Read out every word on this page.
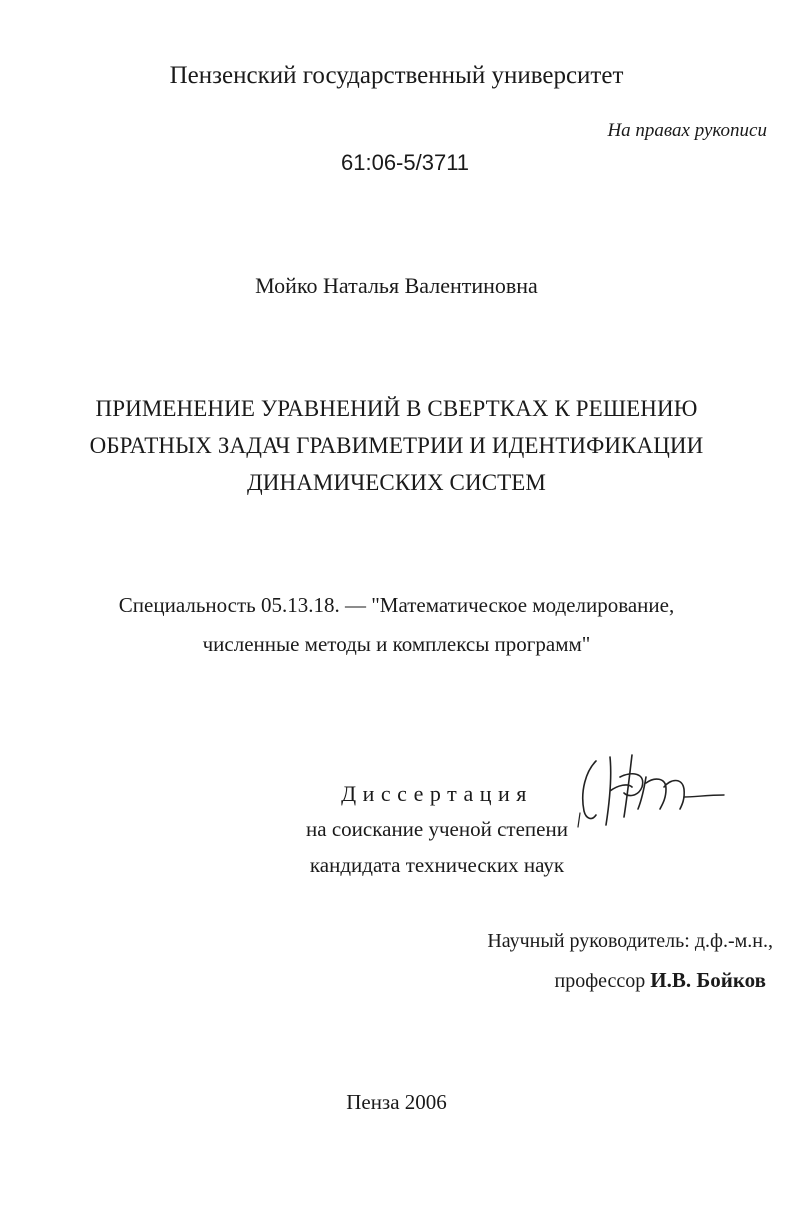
Пензенский государственный университет
На правах рукописи
61:06-5/3711
Мойко Наталья Валентиновна
ПРИМЕНЕНИЕ УРАВНЕНИЙ В СВЕРТКАХ К РЕШЕНИЮ
ОБРАТНЫХ ЗАДАЧ ГРАВИМЕТРИИ И ИДЕНТИФИКАЦИИ
ДИНАМИЧЕСКИХ СИСТЕМ
Специальность 05.13.18. — "Математическое моделирование,
численные методы и комплексы программ"
Диссертация
на соискание ученой степени
кандидата технических наук
Научный руководитель: д.ф.-м.н.,
профессор И.В. Бойков
Пенза 2006
